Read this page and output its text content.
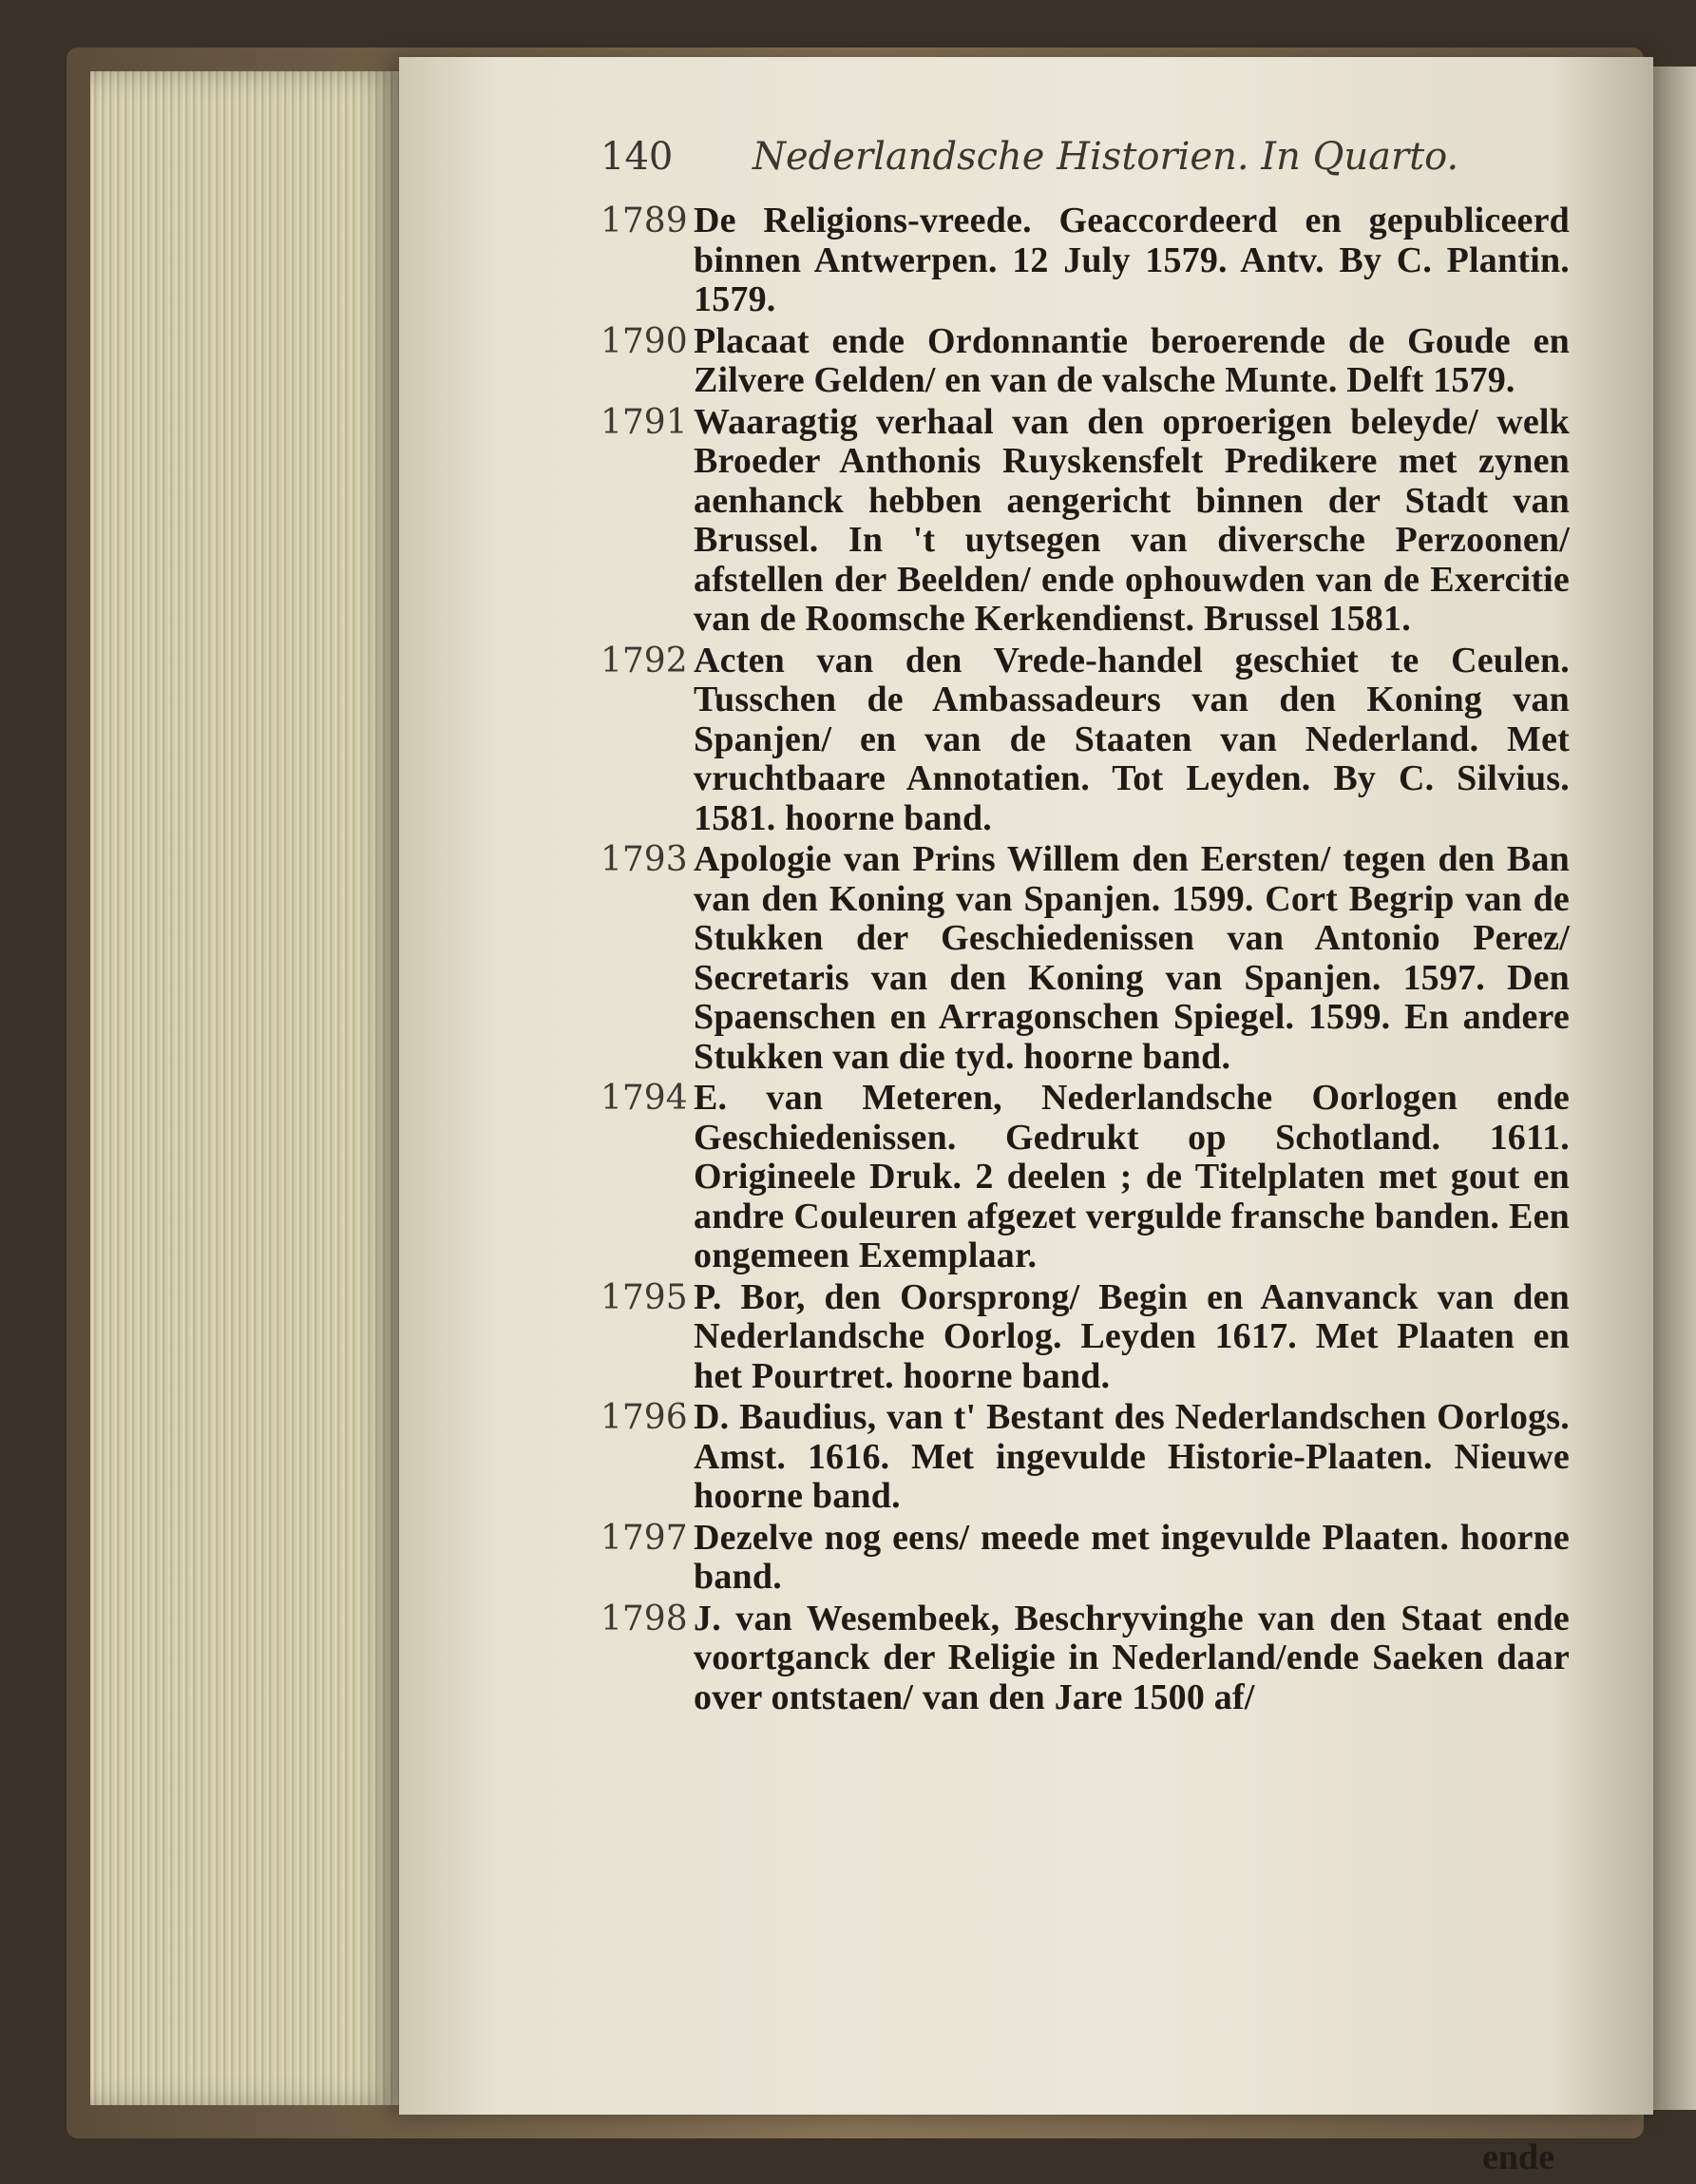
140 Nederlandsche Historien. In Quarto.
1789 De Religions-vreede. Geaccordeerd en gepubliceerd binnen Antwerpen. 12 July 1579. Antv. By C. Plantin. 1579.
1790 Placaat ende Ordonnantie beroerende de Goude en Zilvere Gelden/ en van de valsche Munte. Delft 1579.
1791 Waaragtig verhaal van den oproerigen beleyde/ welk Broeder Anthonis Ruyskensfelt Predikere met zynen aenhanck hebben aengericht binnen der Stadt van Brussel. In 't uytsegen van diversche Perzoonen/ afstellen der Beelden/ ende ophouwden van de Exercitie van de Roomsche Kerkendienst. Brussel 1581.
1792 Acten van den Vrede-handel geschiet te Ceulen. Tusschen de Ambassadeurs van den Koning van Spanjen/ en van de Staaten van Nederland. Met vruchtbaare Annotatien. Tot Leyden. By C. Silvius. 1581. hoorne band.
1793 Apologie van Prins Willem den Eersten/ tegen den Ban van den Koning van Spanjen. 1599. Cort Begrip van de Stukken der Geschiedenissen van Antonio Perez/ Secretaris van den Koning van Spanjen. 1597. Den Spaenschen en Arragonschen Spiegel. 1599. En andere Stukken van die tyd. hoorne band.
1794 E. van Meteren, Nederlandsche Oorlogen ende Geschiedenissen. Gedrukt op Schotland. 1611. Origineele Druk. 2 deelen ; de Titelplaten met gout en andre Couleuren afgezet vergulde fransche banden. Een ongemeen Exemplaar.
1795 P. Bor, den Oorsprong/ Begin en Aanvanck van den Nederlandsche Oorlog. Leyden 1617. Met Plaaten en het Pourtret. hoorne band.
1796 D. Baudius, van t' Bestant des Nederlandschen Oorlogs. Amst. 1616. Met ingevulde Historie-Plaaten. Nieuwe hoorne band.
1797 Dezelve nog eens/ meede met ingevulde Plaaten. hoorne band.
1798 J. van Wesembeek, Beschryvinghe van den Staat ende voortganck der Religie in Nederland/ende Saeken daar over ontstaen/ van den Jare 1500 af/
ende
